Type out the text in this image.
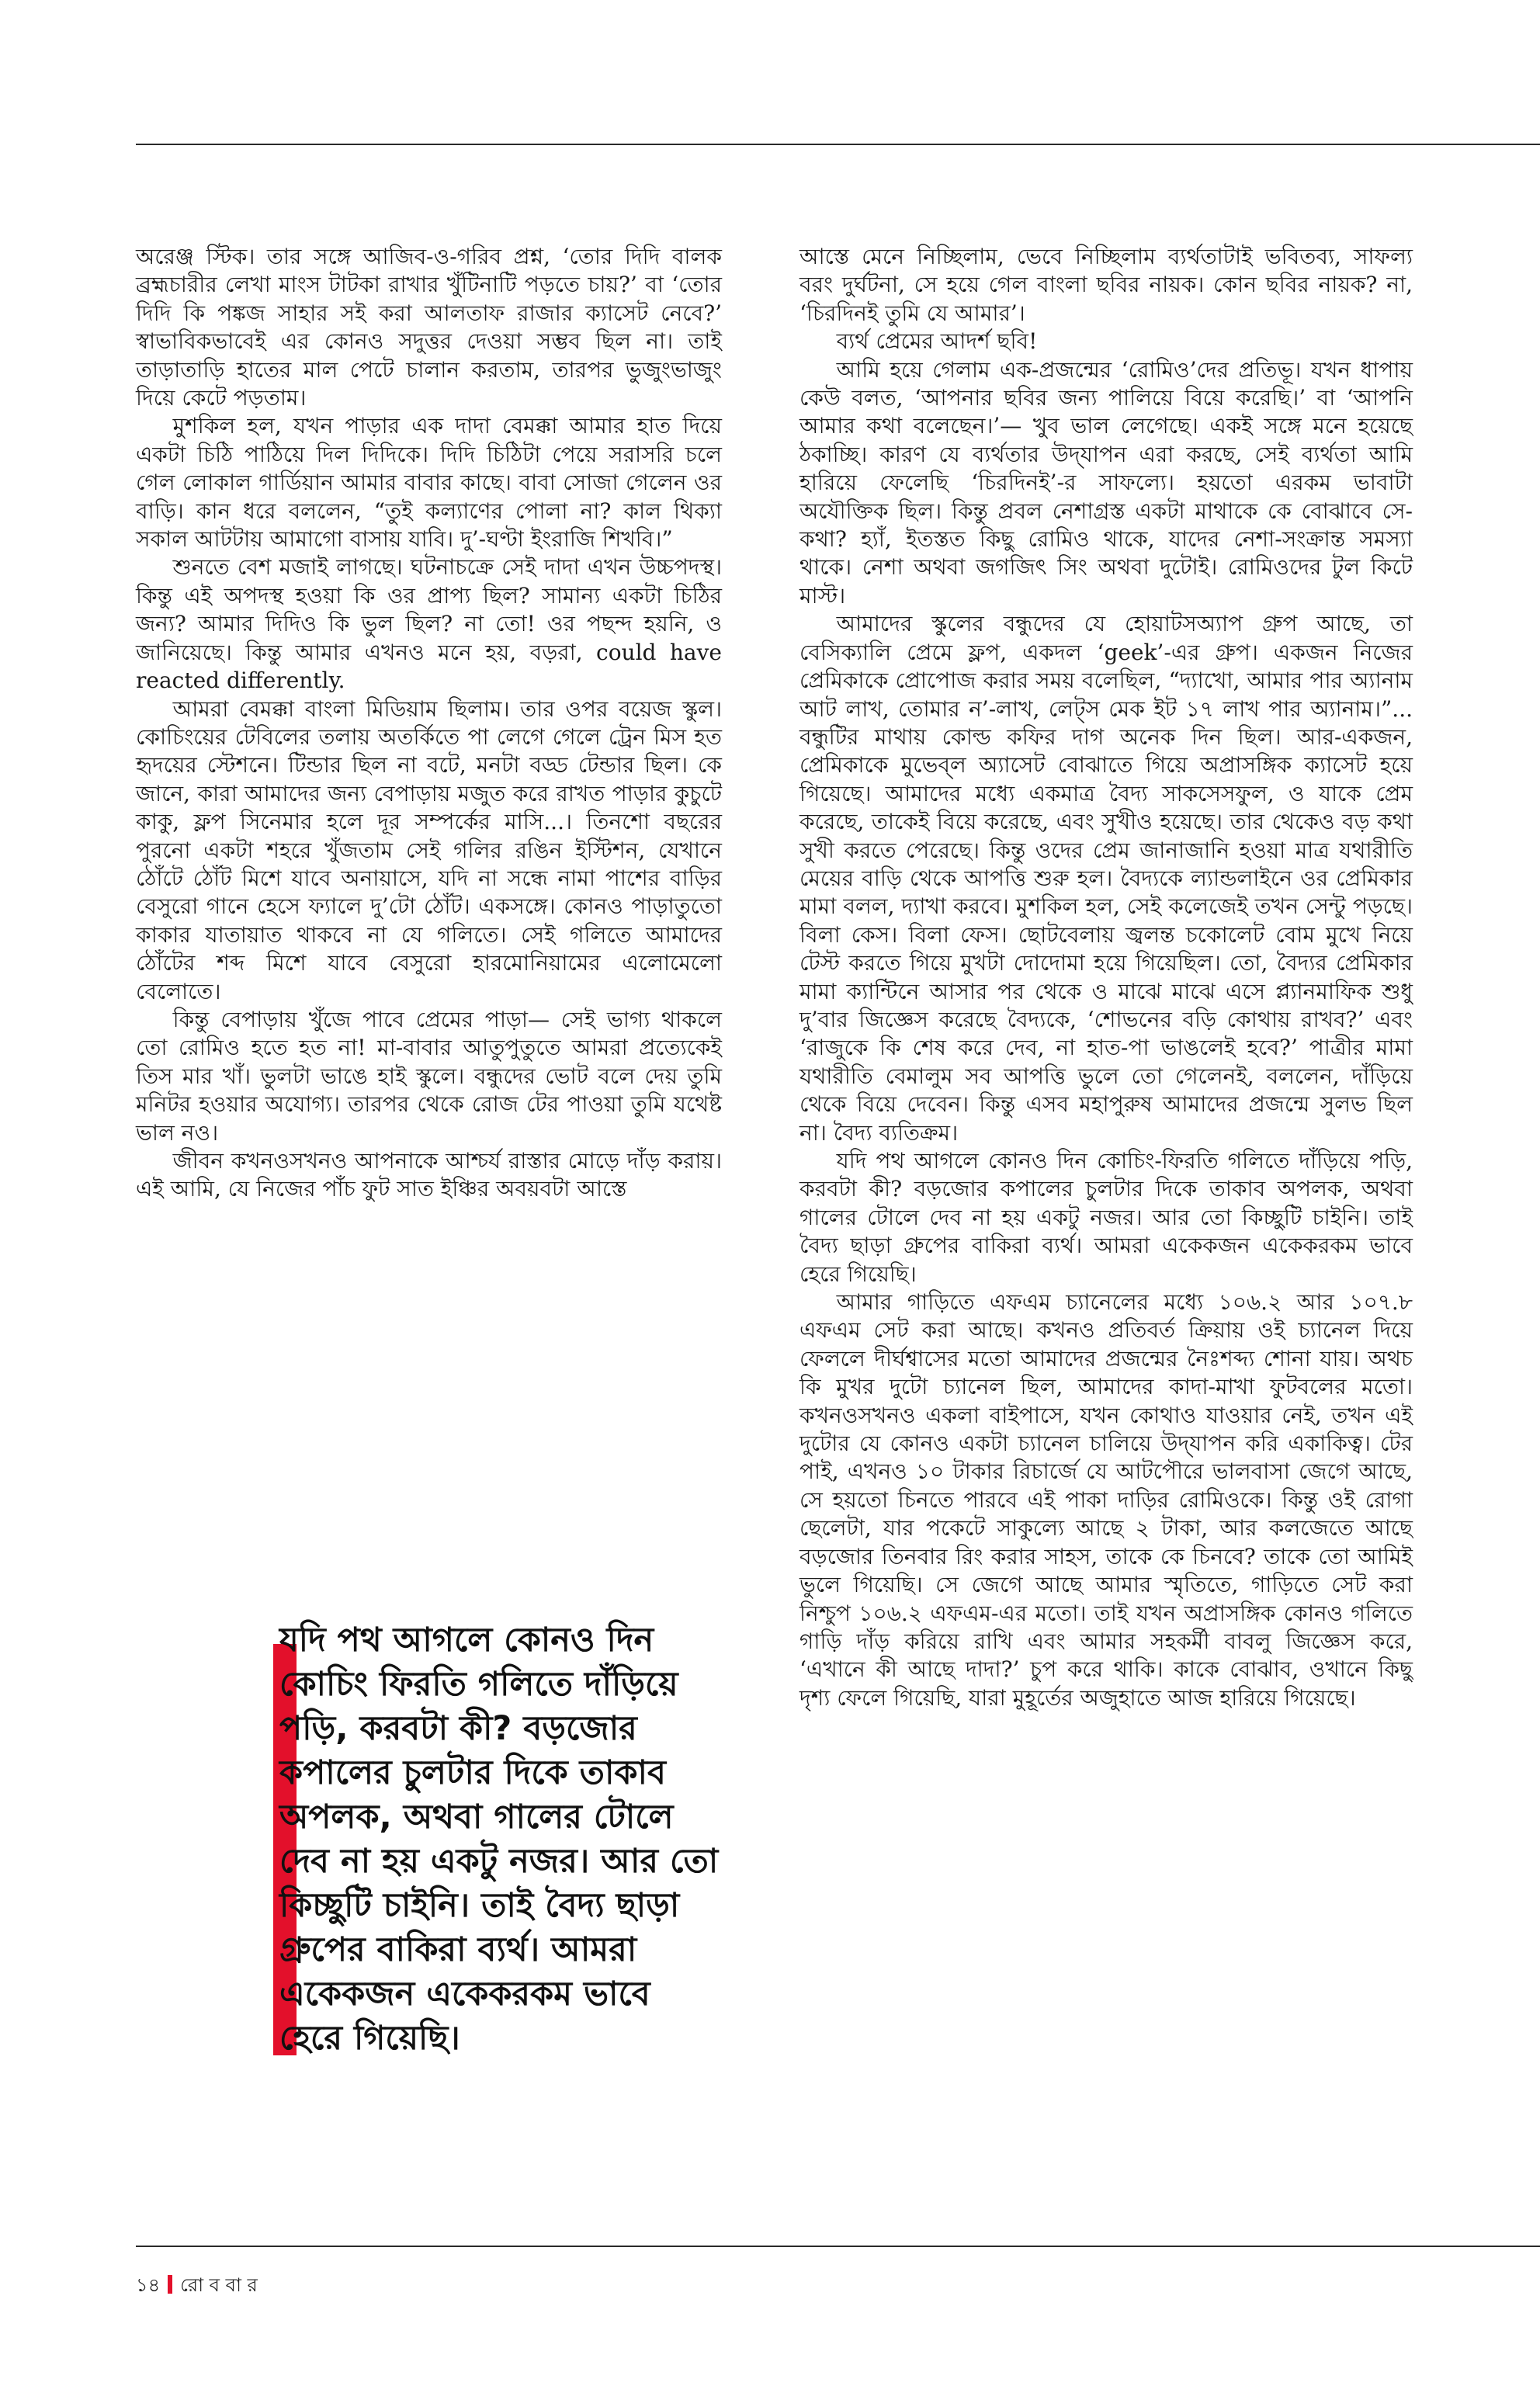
অরেঞ্জ স্টিক। তার সঙ্গে আজিব-ও-গরিব প্রশ্ন, ‘তোর দিদি বালক ব্রহ্মচারীর লেখা মাংস টাটকা রাখার খুঁটিনাটি পড়তে চায়?’ বা ‘তোর দিদি কি পঙ্কজ সাহার সই করা আলতাফ রাজার ক্যাসেট নেবে?’ স্বাভাবিকভাবেই এর কোনও সদুত্তর দেওয়া সম্ভব ছিল না। তাই তাড়াতাড়ি হাতের মাল পেটে চালান করতাম, তারপর ভুজুংভাজুং দিয়ে কেটে পড়তাম।

মুশকিল হল, যখন পাড়ার এক দাদা বেমক্কা আমার হাত দিয়ে একটা চিঠি পাঠিয়ে দিল দিদিকে। দিদি চিঠিটা পেয়ে সরাসরি চলে গেল লোকাল গার্ডিয়ান আমার বাবার কাছে। বাবা সোজা গেলেন ওর বাড়ি। কান ধরে বললেন, “তুই কল্যাণের পোলা না? কাল থিক্যা সকাল আটটায় আমাগো বাসায় যাবি। দু’-ঘণ্টা ইংরাজি শিখবি।”

শুনতে বেশ মজাই লাগছে। ঘটনাচক্রে সেই দাদা এখন উচ্চপদস্থ। কিন্তু এই অপদস্থ হওয়া কি ওর প্রাপ্য ছিল? সামান্য একটা চিঠির জন্য? আমার দিদিও কি ভুল ছিল? না তো! ওর পছন্দ হয়নি, ও জানিয়েছে। কিন্তু আমার এখনও মনে হয়, বড়রা, could have reacted differently.

আমরা বেমক্কা বাংলা মিডিয়াম ছিলাম। তার ওপর বয়েজ স্কুল। কোচিংয়ের টেবিলের তলায় অতর্কিতে পা লেগে গেলে ট্রেন মিস হত হৃদয়ের স্টেশনে। টিন্ডার ছিল না বটে, মনটা বড্ড টেন্ডার ছিল। কে জানে, কারা আমাদের জন্য বেপাড়ায় মজুত করে রাখত পাড়ার কুচুটে কাকু, ফ্লপ সিনেমার হলে দূর সম্পর্কের মাসি...। তিনশো বছরের পুরনো একটা শহরে খুঁজতাম সেই গলির রঙিন ইস্টিশন, যেখানে ঠোঁটে ঠোঁট মিশে যাবে অনায়াসে, যদি না সন্ধে নামা পাশের বাড়ির বেসুরো গানে হেসে ফ্যালে দু’টো ঠোঁট। একসঙ্গে। কোনও পাড়াতুতো কাকার যাতায়াত থাকবে না যে গলিতে। সেই গলিতে আমাদের ঠোঁটের শব্দ মিশে যাবে বেসুরো হারমোনিয়ামের এলোমেলো বেলোতে।

কিন্তু বেপাড়ায় খুঁজে পাবে প্রেমের পাড়া— সেই ভাগ্য থাকলে তো রোমিও হতে হত না! মা-বাবার আতুপুতুতে আমরা প্রত্যেকেই তিস মার খাঁ। ভুলটা ভাঙে হাই স্কুলে। বন্ধুদের ভোট বলে দেয় তুমি মনিটর হওয়ার অযোগ্য। তারপর থেকে রোজ টের পাওয়া তুমি যথেষ্ট ভাল নও।

জীবন কখনওসখনও আপনাকে আশ্চর্য রাস্তার মোড়ে দাঁড় করায়। এই আমি, যে নিজের পাঁচ ফুট সাত ইঞ্চির অবয়বটা আস্তে

যদি পথ আগলে কোনও দিন কোচিং ফিরতি গলিতে দাঁড়িয়ে পড়ি, করবটা কী? বড়জোর কপালের চুলটার দিকে তাকাব অপলক, অথবা গালের টোলে দেব না হয় একটু নজর। আর তো কিচ্ছুটি চাইনি। তাই বৈদ্য ছাড়া গ্রুপের বাকিরা ব্যর্থ। আমরা একেকজন একেকরকম ভাবে হেরে গিয়েছি।

আস্তে মেনে নিচ্ছিলাম, ভেবে নিচ্ছিলাম ব্যর্থতাটাই ভবিতব্য, সাফল্য বরং দুর্ঘটনা, সে হয়ে গেল বাংলা ছবির নায়ক। কোন ছবির নায়ক? না, ‘চিরদিনই তুমি যে আমার’।

ব্যর্থ প্রেমের আদর্শ ছবি!

আমি হয়ে গেলাম এক-প্রজন্মের ‘রোমিও’দের প্রতিভূ। যখন ধাপায় কেউ বলত, ‘আপনার ছবির জন্য পালিয়ে বিয়ে করেছি।’ বা ‘আপনি আমার কথা বলেছেন।’— খুব ভাল লেগেছে। একই সঙ্গে মনে হয়েছে ঠকাচ্ছি। কারণ যে ব্যর্থতার উদ্‌যাপন এরা করছে, সেই ব্যর্থতা আমি হারিয়ে ফেলেছি ‘চিরদিনই’-র সাফল্যে। হয়তো এরকম ভাবাটা অযৌক্তিক ছিল। কিন্তু প্রবল নেশাগ্রস্ত একটা মাথাকে কে বোঝাবে সে-কথা? হ্যাঁ, ইতস্তত কিছু রোমিও থাকে, যাদের নেশা-সংক্রান্ত সমস্যা থাকে। নেশা অথবা জগজিৎ সিং অথবা দুটোই। রোমিওদের টুল কিটে মাস্ট।

আমাদের স্কুলের বন্ধুদের যে হোয়াটসঅ্যাপ গ্রুপ আছে, তা বেসিক্যালি প্রেমে ফ্লপ, একদল ‘geek’-এর গ্রুপ। একজন নিজের প্রেমিকাকে প্রোপোজ করার সময় বলেছিল, “দ্যাখো, আমার পার অ্যানাম আট লাখ, তোমার ন’-লাখ, লেট্‌স মেক ইট ১৭ লাখ পার অ্যানাম।”... বন্ধুটির মাথায় কোল্ড কফির দাগ অনেক দিন ছিল। আর-একজন, প্রেমিকাকে মুভেব্‌ল অ্যাসেট বোঝাতে গিয়ে অপ্রাসঙ্গিক ক্যাসেট হয়ে গিয়েছে। আমাদের মধ্যে একমাত্র বৈদ্য সাকসেসফুল, ও যাকে প্রেম করেছে, তাকেই বিয়ে করেছে, এবং সুখীও হয়েছে। তার থেকেও বড় কথা সুখী করতে পেরেছে। কিন্তু ওদের প্রেম জানাজানি হওয়া মাত্র যথারীতি মেয়ের বাড়ি থেকে আপত্তি শুরু হল। বৈদ্যকে ল্যান্ডলাইনে ওর প্রেমিকার মামা বলল, দ্যাখা করবে। মুশকিল হল, সেই কলেজেই তখন সেন্টু পড়ছে। বিলা কেস। বিলা ফেস। ছোটবেলায় জ্বলন্ত চকোলেট বোম মুখে নিয়ে টেস্ট করতে গিয়ে মুখটা দোদোমা হয়ে গিয়েছিল। তো, বৈদ্যর প্রেমিকার মামা ক্যান্টিনে আসার পর থেকে ও মাঝে মাঝে এসে প্ল্যানমাফিক শুধু দু’বার জিজ্ঞেস করেছে বৈদ্যকে, ‘শোভনের বড়ি কোথায় রাখব?’ এবং ‘রাজুকে কি শেষ করে দেব, না হাত-পা ভাঙলেই হবে?’ পাত্রীর মামা যথারীতি বেমালুম সব আপত্তি ভুলে তো গেলেনই, বললেন, দাঁড়িয়ে থেকে বিয়ে দেবেন। কিন্তু এসব মহাপুরুষ আমাদের প্রজন্মে সুলভ ছিল না। বৈদ্য ব্যতিক্রম।

যদি পথ আগলে কোনও দিন কোচিং-ফিরতি গলিতে দাঁড়িয়ে পড়ি, করবটা কী? বড়জোর কপালের চুলটার দিকে তাকাব অপলক, অথবা গালের টোলে দেব না হয় একটু নজর। আর তো কিচ্ছুটি চাইনি। তাই বৈদ্য ছাড়া গ্রুপের বাকিরা ব্যর্থ। আমরা একেকজন একেকরকম ভাবে হেরে গিয়েছি।

আমার গাড়িতে এফএম চ্যানেলের মধ্যে ১০৬.২ আর ১০৭.৮ এফএম সেট করা আছে। কখনও প্রতিবর্ত ক্রিয়ায় ওই চ্যানেল দিয়ে ফেললে দীর্ঘশ্বাসের মতো আমাদের প্রজন্মের নৈঃশব্দ্য শোনা যায়। অথচ কি মুখর দুটো চ্যানেল ছিল, আমাদের কাদা-মাখা ফুটবলের মতো। কখনওসখনও একলা বাইপাসে, যখন কোথাও যাওয়ার নেই, তখন এই দুটোর যে কোনও একটা চ্যানেল চালিয়ে উদ্‌যাপন করি একাকিত্ব। টের পাই, এখনও ১০ টাকার রিচার্জে যে আটপৌরে ভালবাসা জেগে আছে, সে হয়তো চিনতে পারবে এই পাকা দাড়ির রোমিওকে। কিন্তু ওই রোগা ছেলেটা, যার পকেটে সাকুল্যে আছে ২ টাকা, আর কলজেতে আছে বড়জোর তিনবার রিং করার সাহস, তাকে কে চিনবে? তাকে তো আমিই ভুলে গিয়েছি। সে জেগে আছে আমার স্মৃতিতে, গাড়িতে সেট করা নিশ্চুপ ১০৬.২ এফএম-এর মতো। তাই যখন অপ্রাসঙ্গিক কোনও গলিতে গাড়ি দাঁড় করিয়ে রাখি এবং আমার সহকর্মী বাবলু জিজ্ঞেস করে, ‘এখানে কী আছে দাদা?’ চুপ করে থাকি। কাকে বোঝাব, ওখানে কিছু দৃশ্য ফেলে গিয়েছি, যারা মুহূর্তের অজুহাতে আজ হারিয়ে গিয়েছে।

১৪ রো ব বা র
